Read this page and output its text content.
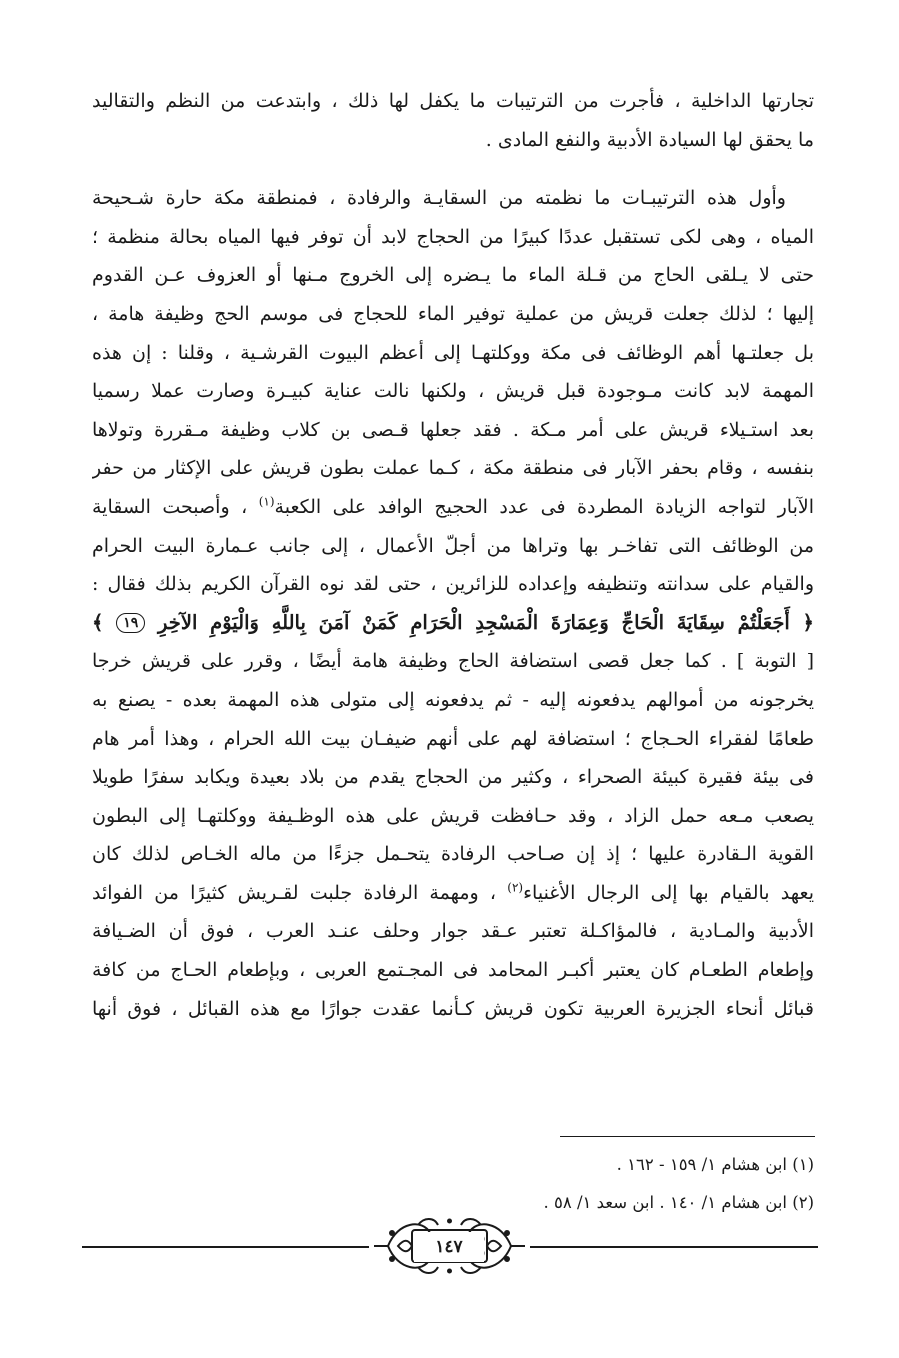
تجارتها الداخلية ، فأجرت من الترتيبات ما يكفل لها ذلك ، وابتدعت من النظم والتقاليد
ما يحقق لها السيادة الأدبية والنفع المادى .
وأول هذه الترتيبـات ما نظمته من السقايـة والرفادة ، فمنطقة مكة حارة شـحيحة
المياه ، وهى لكى تستقبل عددًا كبيرًا من الحجاج لابد أن توفر فيها المياه بحالة منظمة ؛
حتى لا يـلقى الحاج من قـلة الماء ما يـضره إلى الخروج مـنها أو العزوف عـن القدوم
إليها ؛ لذلك جعلت قريش من عملية توفير الماء للحجاج فى موسم الحج وظيفة هامة ،
بل جعلتـها أهم الوظائف فى مكة ووكلتهـا إلى أعظم البيوت القرشـية ، وقلنا : إن هذه
المهمة لابد كانت مـوجودة قبل قريش ، ولكنها نالت عناية كبيـرة وصارت عملا رسميا
بعد استـيلاء قريش على أمر مـكة . فقد جعلها قـصى بن كلاب وظيفة مـقررة وتولاها
بنفسه ، وقام بحفر الآبار فى منطقة مكة ، كـما عملت بطون قريش على الإكثار من حفر
الآبار لتواجه الزيادة المطردة فى عدد الحجيج الوافد على الكعبة$^{(١)}$ ، وأصبحت السقاية
من الوظائف التى تفاخـر بها وتراها من أجلّ الأعمال ، إلى جانب عـمارة البيت الحرام
والقيام على سدانته وتنظيفه وإعداده للزائرين ، حتى لقد نوه القرآن الكريم بذلك فقال :
﴿ أَجَعَلْتُمْ سِقَايَةَ الْحَاجِّ وَعِمَارَةَ الْمَسْجِدِ الْحَرَامِ كَمَنْ آمَنَ بِاللَّهِ وَالْيَوْمِ الآخِرِ ١٩ ﴾
[ التوبة ] . كما جعل قصى استضافة الحاج وظيفة هامة أيضًا ، وقرر على قريش خرجا
يخرجونه من أموالهم يدفعونه إليه - ثم يدفعونه إلى متولى هذه المهمة بعده - يصنع به
طعامًا لفقراء الحـجاج ؛ استضافة لهم على أنهم ضيفـان بيت الله الحرام ، وهذا أمر هام
فى بيئة فقيرة كبيئة الصحراء ، وكثير من الحجاج يقدم من بلاد بعيدة ويكابد سفرًا طويلا
يصعب مـعه حمل الزاد ، وقد حـافظت قريش على هذه الوظـيفة ووكلتهـا إلى البطون
القوية الـقادرة عليها ؛ إذ إن صـاحب الرفادة يتحـمل جزءًا من ماله الخـاص لذلك كان
يعهد بالقيام بها إلى الرجال الأغنياء$^{(٢)}$ ، ومهمة الرفادة جلبت لقـريش كثيرًا من الفوائد
الأدبية والمـادية ، فالمؤاكـلة تعتبر عـقد جوار وحلف عنـد العرب ، فوق أن الضـيافة
وإطعام الطعـام كان يعتبر أكبـر المحامد فى المجـتمع العربى ، وبإطعام الحـاج من كافة
قبائل أنحاء الجزيرة العربية تكون قريش كـأنما عقدت جوارًا مع هذه القبائل ، فوق أنها
(١) ابن هشام ١/ ١٥٩ - ١٦٢ .
(٢) ابن هشام ١/ ١٤٠ . ابن سعد ١/ ٥٨ .
١٤٧
